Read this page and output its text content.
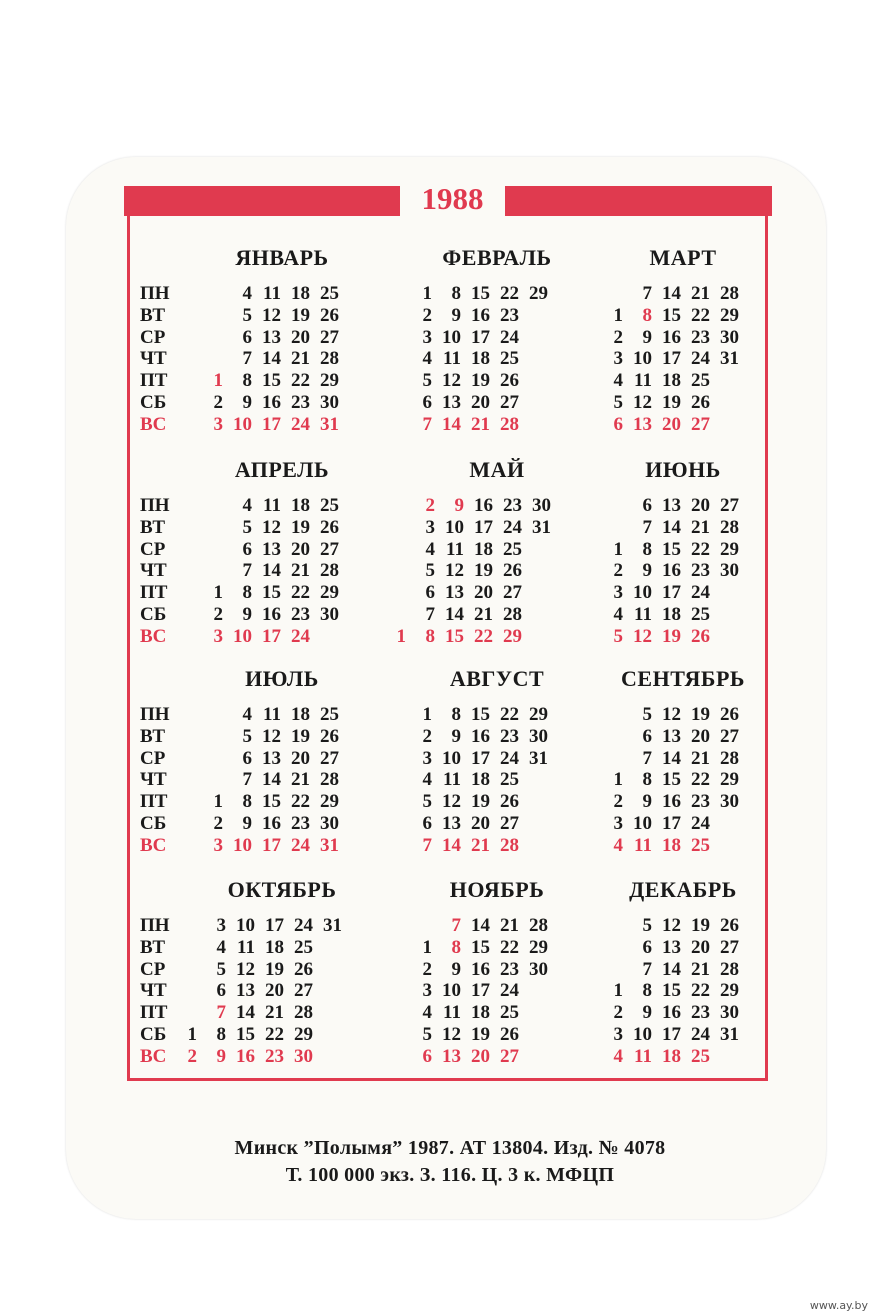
1988
ЯНВАРЬ
ПН
ВТ
СР
ЧТ
ПТ
СБ
ВС
1
2
3
4
5
6
7
8
9
10
11
12
13
14
15
16
17
18
19
20
21
22
23
24
25
26
27
28
29
30
31
ФЕВРАЛЬ
1
2
3
4
5
6
7
8
9
10
11
12
13
14
15
16
17
18
19
20
21
22
23
24
25
26
27
28
29
МАРТ
1
2
3
4
5
6
7
8
9
10
11
12
13
14
15
16
17
18
19
20
21
22
23
24
25
26
27
28
29
30
31
АПРЕЛЬ
ПН
ВТ
СР
ЧТ
ПТ
СБ
ВС
1
2
3
4
5
6
7
8
9
10
11
12
13
14
15
16
17
18
19
20
21
22
23
24
25
26
27
28
29
30
МАЙ
1
2
3
4
5
6
7
8
9
10
11
12
13
14
15
16
17
18
19
20
21
22
23
24
25
26
27
28
29
30
31
ИЮНЬ
1
2
3
4
5
6
7
8
9
10
11
12
13
14
15
16
17
18
19
20
21
22
23
24
25
26
27
28
29
30
ИЮЛЬ
ПН
ВТ
СР
ЧТ
ПТ
СБ
ВС
1
2
3
4
5
6
7
8
9
10
11
12
13
14
15
16
17
18
19
20
21
22
23
24
25
26
27
28
29
30
31
АВГУСТ
1
2
3
4
5
6
7
8
9
10
11
12
13
14
15
16
17
18
19
20
21
22
23
24
25
26
27
28
29
30
31
СЕНТЯБРЬ
1
2
3
4
5
6
7
8
9
10
11
12
13
14
15
16
17
18
19
20
21
22
23
24
25
26
27
28
29
30
ОКТЯБРЬ
ПН
ВТ
СР
ЧТ
ПТ
СБ
ВС
1
2
3
4
5
6
7
8
9
10
11
12
13
14
15
16
17
18
19
20
21
22
23
24
25
26
27
28
29
30
31
НОЯБРЬ
1
2
3
4
5
6
7
8
9
10
11
12
13
14
15
16
17
18
19
20
21
22
23
24
25
26
27
28
29
30
ДЕКАБРЬ
1
2
3
4
5
6
7
8
9
10
11
12
13
14
15
16
17
18
19
20
21
22
23
24
25
26
27
28
29
30
31
Минск ”Полымя” 1987. АТ 13804. Изд. № 4078
Т. 100 000 экз. З. 116. Ц. 3 к. МФЦП
www.ay.by
